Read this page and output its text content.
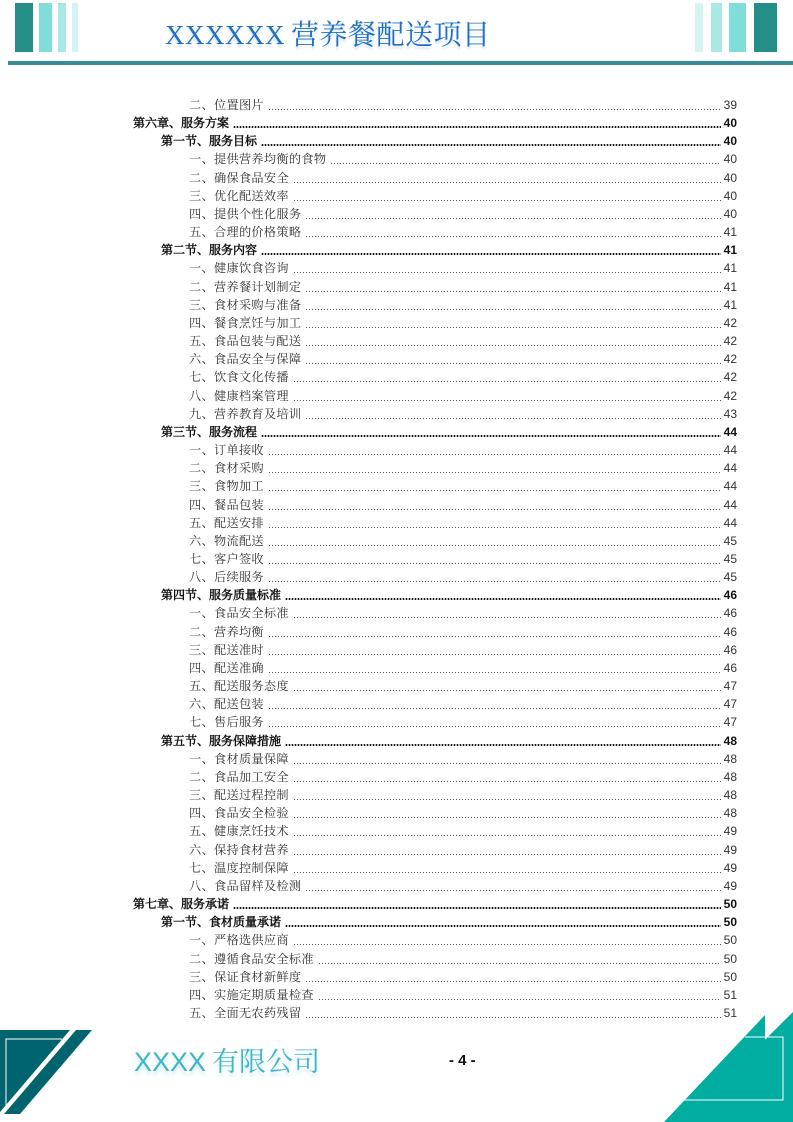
XXXXXX 营养餐配送项目
二、位置图片	39
第六章、服务方案	40
第一节、服务目标	40
一、提供营养均衡的食物	40
二、确保食品安全	40
三、优化配送效率	40
四、提供个性化服务	40
五、合理的价格策略	41
第二节、服务内容	41
一、健康饮食咨询	41
二、营养餐计划制定	41
三、食材采购与准备	41
四、餐食烹饪与加工	42
五、食品包装与配送	42
六、食品安全与保障	42
七、饮食文化传播	42
八、健康档案管理	42
九、营养教育及培训	43
第三节、服务流程	44
一、订单接收	44
二、食材采购	44
三、食物加工	44
四、餐品包装	44
五、配送安排	44
六、物流配送	45
七、客户签收	45
八、后续服务	45
第四节、服务质量标准	46
一、食品安全标准	46
二、营养均衡	46
三、配送准时	46
四、配送准确	46
五、配送服务态度	47
六、配送包装	47
七、售后服务	47
第五节、服务保障措施	48
一、食材质量保障	48
二、食品加工安全	48
三、配送过程控制	48
四、食品安全检验	48
五、健康烹饪技术	49
六、保持食材营养	49
七、温度控制保障	49
八、食品留样及检测	49
第七章、服务承诺	50
第一节、食材质量承诺	50
一、严格选供应商	50
二、遵循食品安全标准	50
三、保证食材新鲜度	50
四、实施定期质量检查	51
五、全面无农药残留	51
XXXX 有限公司	- 4 -
